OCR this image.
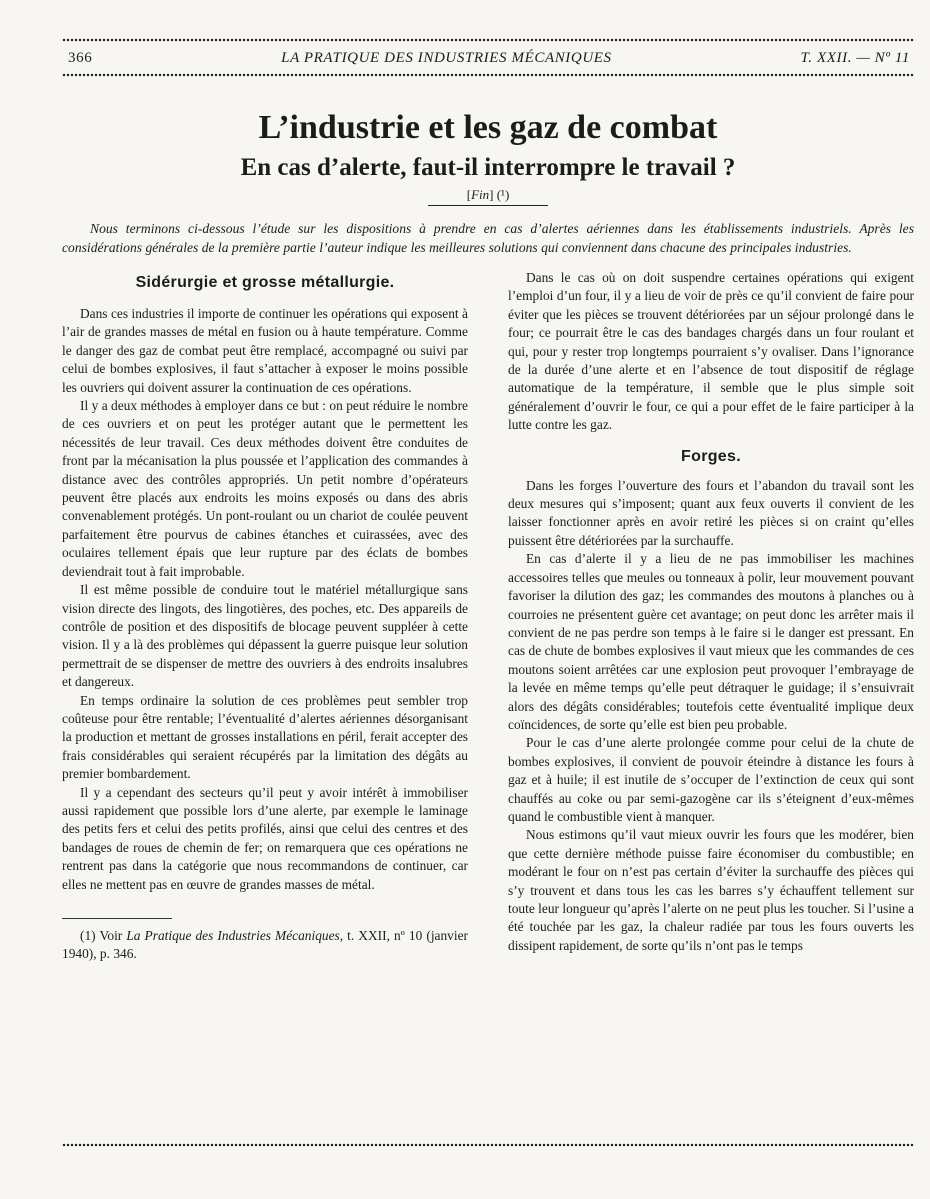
366	LA PRATIQUE DES INDUSTRIES MÉCANIQUES	T. XXII. — Nº 11
L’industrie et les gaz de combat
En cas d’alerte, faut-il interrompre le travail ?
[Fin] (¹)

Nous terminons ci-dessous l’étude sur les dispositions à prendre en cas d’alertes aériennes dans les établissements industriels. Après les considérations générales de la première partie l’auteur indique les meilleures solutions qui conviennent dans chacune des principales industries.

Sidérurgie et grosse métallurgie.

Dans ces industries il importe de continuer les opérations qui exposent à l’air de grandes masses de métal en fusion ou à haute température. Comme le danger des gaz de combat peut être remplacé, accompagné ou suivi par celui de bombes explosives, il faut s’attacher à exposer le moins possible les ouvriers qui doivent assurer la continuation de ces opérations.

Il y a deux méthodes à employer dans ce but : on peut réduire le nombre de ces ouvriers et on peut les protéger autant que le permettent les nécessités de leur travail. Ces deux méthodes doivent être conduites de front par la mécanisation la plus poussée et l’application des commandes à distance avec des contrôles appropriés. Un petit nombre d’opérateurs peuvent être placés aux endroits les moins exposés ou dans des abris convenablement protégés. Un pont-roulant ou un chariot de coulée peuvent parfaitement être pourvus de cabines étanches et cuirassées, avec des oculaires tellement épais que leur rupture par des éclats de bombes deviendrait tout à fait improbable.

Il est même possible de conduire tout le matériel métallurgique sans vision directe des lingots, des lingotières, des poches, etc. Des appareils de contrôle de position et des dispositifs de blocage peuvent suppléer à cette vision. Il y a là des problèmes qui dépassent la guerre puisque leur solution permettrait de se dispenser de mettre des ouvriers à des endroits insalubres et dangereux.

En temps ordinaire la solution de ces problèmes peut sembler trop coûteuse pour être rentable; l’éventualité d’alertes aériennes désorganisant la production et mettant de grosses installations en péril, ferait accepter des frais considérables qui seraient récupérés par la limitation des dégâts au premier bombardement.

Il y a cependant des secteurs qu’il peut y avoir intérêt à immobiliser aussi rapidement que possible lors d’une alerte, par exemple le laminage des petits fers et celui des petits profilés, ainsi que celui des centres et des bandages de roues de chemin de fer; on remarquera que ces opérations ne rentrent pas dans la catégorie que nous recommandons de continuer, car elles ne mettent pas en œuvre de grandes masses de métal.

(1) Voir La Pratique des Industries Mécaniques, t. XXII, nº 10 (janvier 1940), p. 346.

Dans le cas où on doit suspendre certaines opérations qui exigent l’emploi d’un four, il y a lieu de voir de près ce qu’il convient de faire pour éviter que les pièces se trouvent détériorées par un séjour prolongé dans le four; ce pourrait être le cas des bandages chargés dans un four roulant et qui, pour y rester trop longtemps pourraient s’y ovaliser. Dans l’ignorance de la durée d’une alerte et en l’absence de tout dispositif de réglage automatique de la température, il semble que le plus simple soit généralement d’ouvrir le four, ce qui a pour effet de le faire participer à la lutte contre les gaz.

Forges.

Dans les forges l’ouverture des fours et l’abandon du travail sont les deux mesures qui s’imposent; quant aux feux ouverts il convient de les laisser fonctionner après en avoir retiré les pièces si on craint qu’elles puissent être détériorées par la surchauffe.

En cas d’alerte il y a lieu de ne pas immobiliser les machines accessoires telles que meules ou tonneaux à polir, leur mouvement pouvant favoriser la dilution des gaz; les commandes des moutons à planches ou à courroies ne présentent guère cet avantage; on peut donc les arrêter mais il convient de ne pas perdre son temps à le faire si le danger est pressant. En cas de chute de bombes explosives il vaut mieux que les commandes de ces moutons soient arrêtées car une explosion peut provoquer l’embrayage de la levée en même temps qu’elle peut détraquer le guidage; il s’ensuivrait alors des dégâts considérables; toutefois cette éventualité implique deux coïncidences, de sorte qu’elle est bien peu probable.

Pour le cas d’une alerte prolongée comme pour celui de la chute de bombes explosives, il convient de pouvoir éteindre à distance les fours à gaz et à huile; il est inutile de s’occuper de l’extinction de ceux qui sont chauffés au coke ou par semi-gazogène car ils s’éteignent d’eux-mêmes quand le combustible vient à manquer.

Nous estimons qu’il vaut mieux ouvrir les fours que les modérer, bien que cette dernière méthode puisse faire économiser du combustible; en modérant le four on n’est pas certain d’éviter la surchauffe des pièces qui s’y trouvent et dans tous les cas les barres s’y échauffent tellement sur toute leur longueur qu’après l’alerte on ne peut plus les toucher. Si l’usine a été touchée par les gaz, la chaleur radiée par tous les fours ouverts les dissipent rapidement, de sorte qu’ils n’ont pas le temps
